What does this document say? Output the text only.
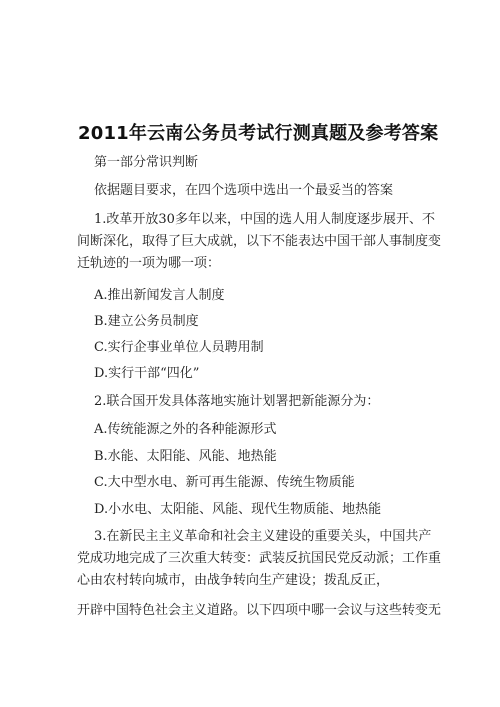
2011年云南公务员考试行测真题及参考答案
第一部分常识判断
依据题目要求，在四个选项中选出一个最妥当的答案
1.改革开放30多年以来，中国的选人用人制度逐步展开、不
间断深化，取得了巨大成就，以下不能表达中国干部人事制度变
迁轨迹的一项为哪一项：
A.推出新闻发言人制度
B.建立公务员制度
C.实行企事业单位人员聘用制
D.实行干部“四化”
2.联合国开发具体落地实施计划署把新能源分为：
A.传统能源之外的各种能源形式
B.水能、太阳能、风能、地热能
C.大中型水电、新可再生能源、传统生物质能
D.小水电、太阳能、风能、现代生物质能、地热能
3.在新民主主义革命和社会主义建设的重要关头，中国共产
党成功地完成了三次重大转变：武装反抗国民党反动派；工作重
心由农村转向城市，由战争转向生产建设；拨乱反正，
开辟中国特色社会主义道路。以下四项中哪一会议与这些转变无
